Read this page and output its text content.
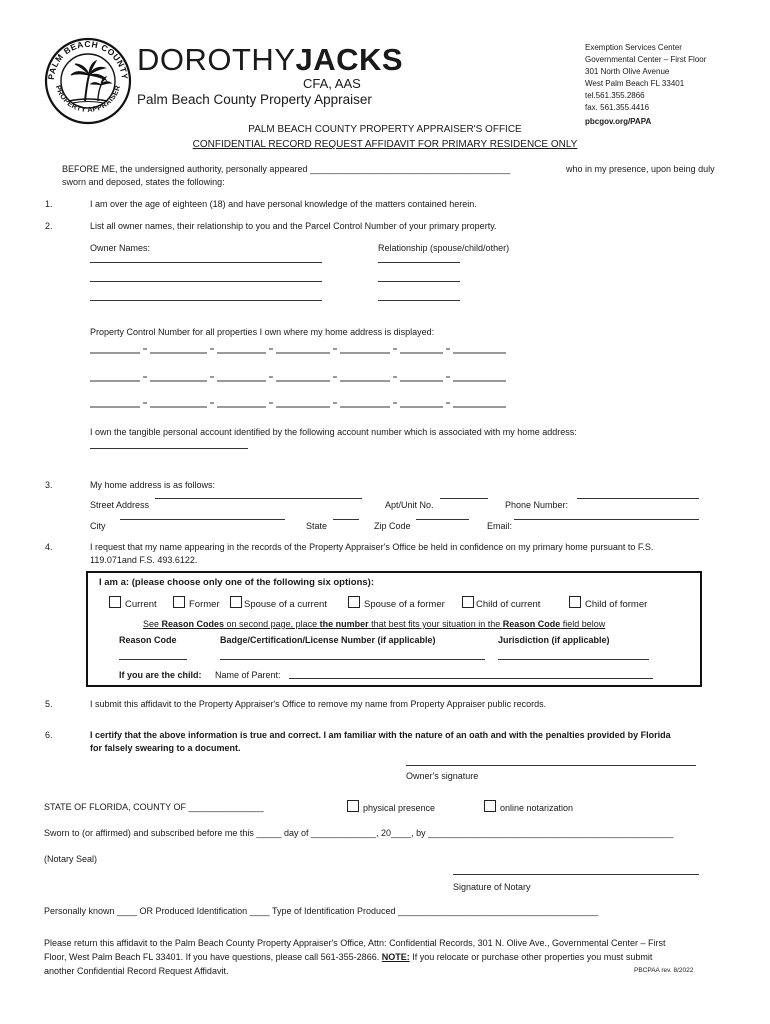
PALM BEACH COUNTY
PROPERTY APPRAISER
DOROTHYJACKS
CFA, AAS
Palm Beach County Property Appraiser
Exemption Services Center
Governmental Center – First Floor
301 North Olive Avenue
West Palm Beach FL 33401
tel.561.355.2866
fax. 561.355.4416
pbcgov.org/PAPA
PALM BEACH COUNTY PROPERTY APPRAISER'S OFFICE
CONFIDENTIAL RECORD REQUEST AFFIDAVIT FOR PRIMARY RESIDENCE ONLY
BEFORE ME, the undersigned authority, personally appeared ________________________________________	who in my presence, upon being duly
sworn and deposed, states the following:
1.	I am over the age of eighteen (18) and have personal knowledge of the matters contained herein.
2.	List all owner names, their relationship to you and the Parcel Control Number of your primary property.
Owner Names:	Relationship (spouse/child/other)
Property Control Number for all properties I own where my home address is displayed:
I own the tangible personal account identified by the following account number which is associated with my home address:
3.	My home address is as follows:
Street Address	Apt/Unit No.	Phone Number:
City	State	Zip Code	Email:
4.	I request that my name appearing in the records of the Property Appraiser's Office be held in confidence on my primary home pursuant to F.S.
119.071and F.S. 493.6122.
I am a: (please choose only one of the following six options):
Current	Former	Spouse of a current	Spouse of a former	Child of current	Child of former
See Reason Codes on second page, place the number that best fits your situation in the Reason Code field below
Reason Code	Badge/Certification/License Number (if applicable)	Jurisdiction (if applicable)
If you are the child: Name of Parent:
5.	I submit this affidavit to the Property Appraiser's Office to remove my name from Property Appraiser public records.
6.	I certify that the above information is true and correct. I am familiar with the nature of an oath and with the penalties provided by Florida
for falsely swearing to a document.
Owner's signature
STATE OF FLORIDA, COUNTY OF _______________	physical presence	online notarization
Sworn to (or affirmed) and subscribed before me this _____ day of _____________, 20____, by _________________________________________________
(Notary Seal)
Signature of Notary
Personally known ____ OR Produced Identification ____ Type of Identification Produced ________________________________________
Please return this affidavit to the Palm Beach County Property Appraiser's Office, Attn: Confidential Records, 301 N. Olive Ave., Governmental Center – First
Floor, West Palm Beach FL 33401. If you have questions, please call 561-355-2866. NOTE: If you relocate or purchase other properties you must submit
another Confidential Record Request Affidavit.	PBCPAA rev. 8/2022
